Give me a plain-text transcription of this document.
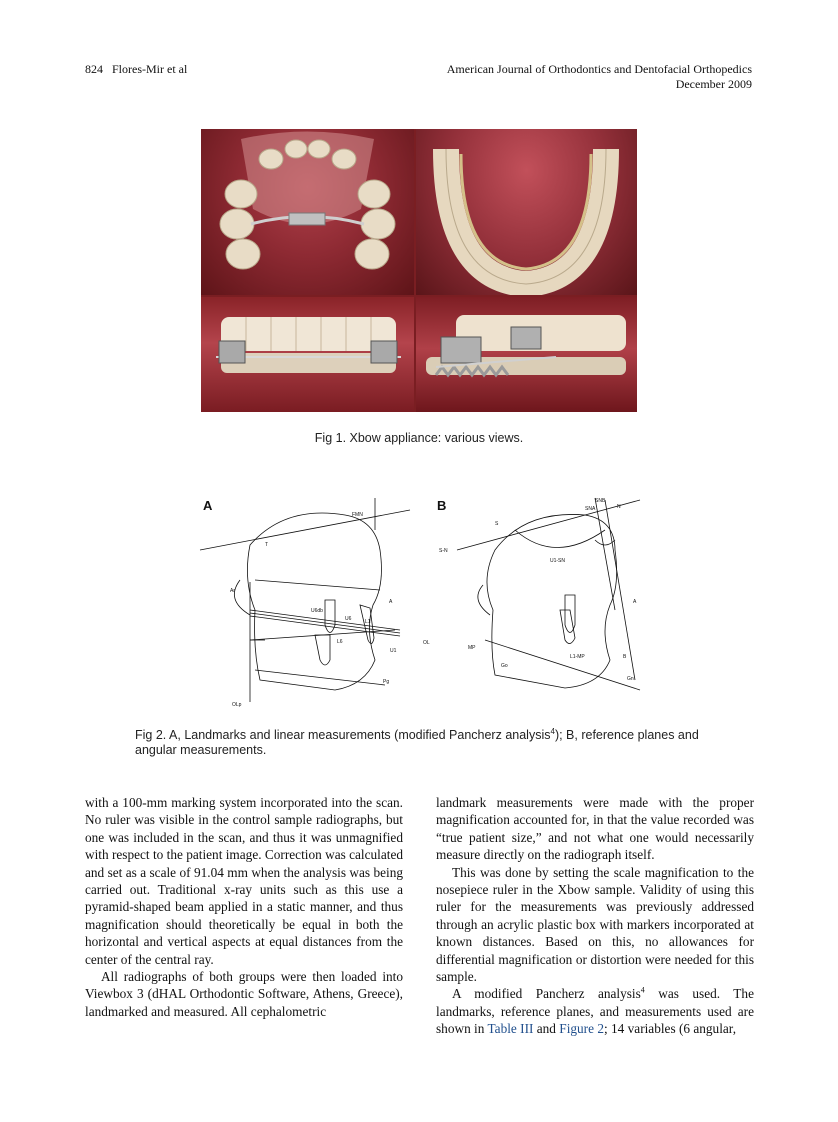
824   Flores-Mir et al	American Journal of Orthodontics and Dentofacial Orthopedics
December 2009
Fig 1. Xbow appliance: various views.
A
FMN
T
Ar
U6db
L6
A
U1
OL
Pg
OLp
U6	L1
B	SNB
N
SNA
S
S-N
U1-SN
A
MP
Go
L1-MP	B
Gn
Fig 2. A, Landmarks and linear measurements (modified Pancherz analysis$^4$); B, reference planes and angular measurements.

with a 100-mm marking system incorporated into the scan. No ruler was visible in the control sample radiographs, but one was included in the scan, and thus it was unmagnified with respect to the patient image. Correction was calculated and set as a scale of 91.04 mm when the analysis was being carried out. Traditional x-ray units such as this use a pyramid-shaped beam applied in a static manner, and thus magnification should theoretically be equal in both the horizontal and vertical aspects at equal distances from the center of the central ray.

All radiographs of both groups were then loaded into Viewbox 3 (dHAL Orthodontic Software, Athens, Greece), landmarked and measured. All cephalometric

landmark measurements were made with the proper magnification accounted for, in that the value recorded was “true patient size,” and not what one would necessarily measure directly on the radiograph itself.

This was done by setting the scale magnification to the nosepiece ruler in the Xbow sample. Validity of using this ruler for the measurements was previously addressed through an acrylic plastic box with markers incorporated at known distances. Based on this, no allowances for differential magnification or distortion were needed for this sample.

A modified Pancherz analysis$^4$ was used. The landmarks, reference planes, and measurements used are shown in Table III and Figure 2; 14 variables (6 angular,
